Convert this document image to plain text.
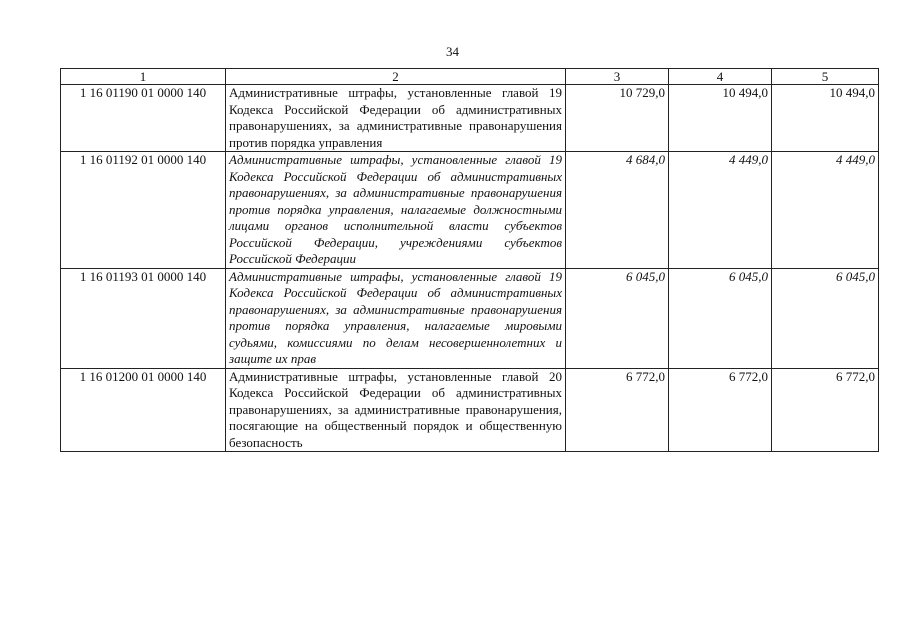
34
1	2	3	4	5
1 16 01190 01 0000 140	Административные штрафы, установленные главой 19 Кодекса Российской Федерации об административных правонарушениях, за административные правонарушения против порядка управления	10 729,0	10 494,0	10 494,0
1 16 01192 01 0000 140	Административные штрафы, установленные главой 19 Кодекса Российской Федерации об административных правонарушениях, за административные правонарушения против порядка управления, налагаемые должностными лицами органов исполнительной власти субъектов Российской Федерации, учреждениями субъектов Российской Федерации	4 684,0	4 449,0	4 449,0
1 16 01193 01 0000 140	Административные штрафы, установленные главой 19 Кодекса Российской Федерации об административных правонарушениях, за административные правонарушения против порядка управления, налагаемые мировыми судьями, комиссиями по делам несовершеннолетних и защите их прав	6 045,0	6 045,0	6 045,0
1 16 01200 01 0000 140	Административные штрафы, установленные главой 20 Кодекса Российской Федерации об административных правонарушениях, за административные правонарушения, посягающие на общественный порядок и общественную безопасность	6 772,0	6 772,0	6 772,0
